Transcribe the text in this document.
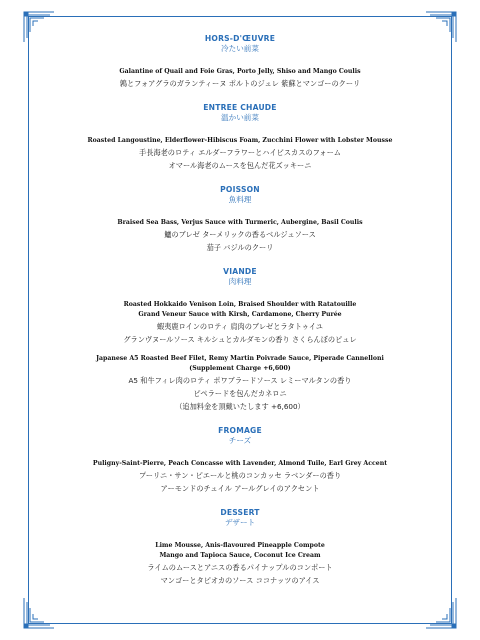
HORS-D'ŒUVRE
冷たい前菜
Galantine of Quail and Foie Gras, Porto Jelly, Shiso and Mango Coulis
鶉とフォアグラのガランティーヌ ポルトのジュレ 紫蘇とマンゴーのクーリ
ENTREE CHAUDE
温かい前菜
Roasted Langoustine, Elderflower-Hibiscus Foam, Zucchini Flower with Lobster Mousse
手長海老のロティ エルダーフラワーとハイビスカスのフォーム
オマール海老のムースを包んだ花ズッキーニ
POISSON
魚料理
Braised Sea Bass, Verjus Sauce with Turmeric, Aubergine, Basil Coulis
鱸のブレゼ ターメリックの香るベルジュソース
茄子 バジルのクーリ
VIANDE
肉料理
Roasted Hokkaido Venison Loin, Braised Shoulder with Ratatouille
Grand Veneur Sauce with Kirsh, Cardamone, Cherry Purée
蝦夷鹿ロインのロティ 肩肉のブレゼとラタトゥイユ
グランヴヌールソース キルシュとカルダモンの香り さくらんぼのピュレ
Japanese A5 Roasted Beef Filet, Remy Martin Poivrade Sauce, Piperade Cannelloni
(Supplement Charge +6,600)
A5 和牛フィレ肉のロティ ポワブラードソース レミーマルタンの香り
ピペラードを包んだカネロニ
（追加料金を頂戴いたします +6,600）
FROMAGE
チーズ
Puligny-Saint-Pierre, Peach Concasse with Lavender, Almond Tuile, Earl Grey Accent
プーリニ・サン・ピエールと桃のコンカッセ ラベンダーの香り
アーモンドのチュイル アールグレイのアクセント
DESSERT
デザート
Lime Mousse, Anis-flavoured Pineapple Compote
Mango and Tapioca Sauce, Coconut Ice Cream
ライムのムースとアニスの香るパイナップルのコンポート
マンゴーとタピオカのソース ココナッツのアイス
